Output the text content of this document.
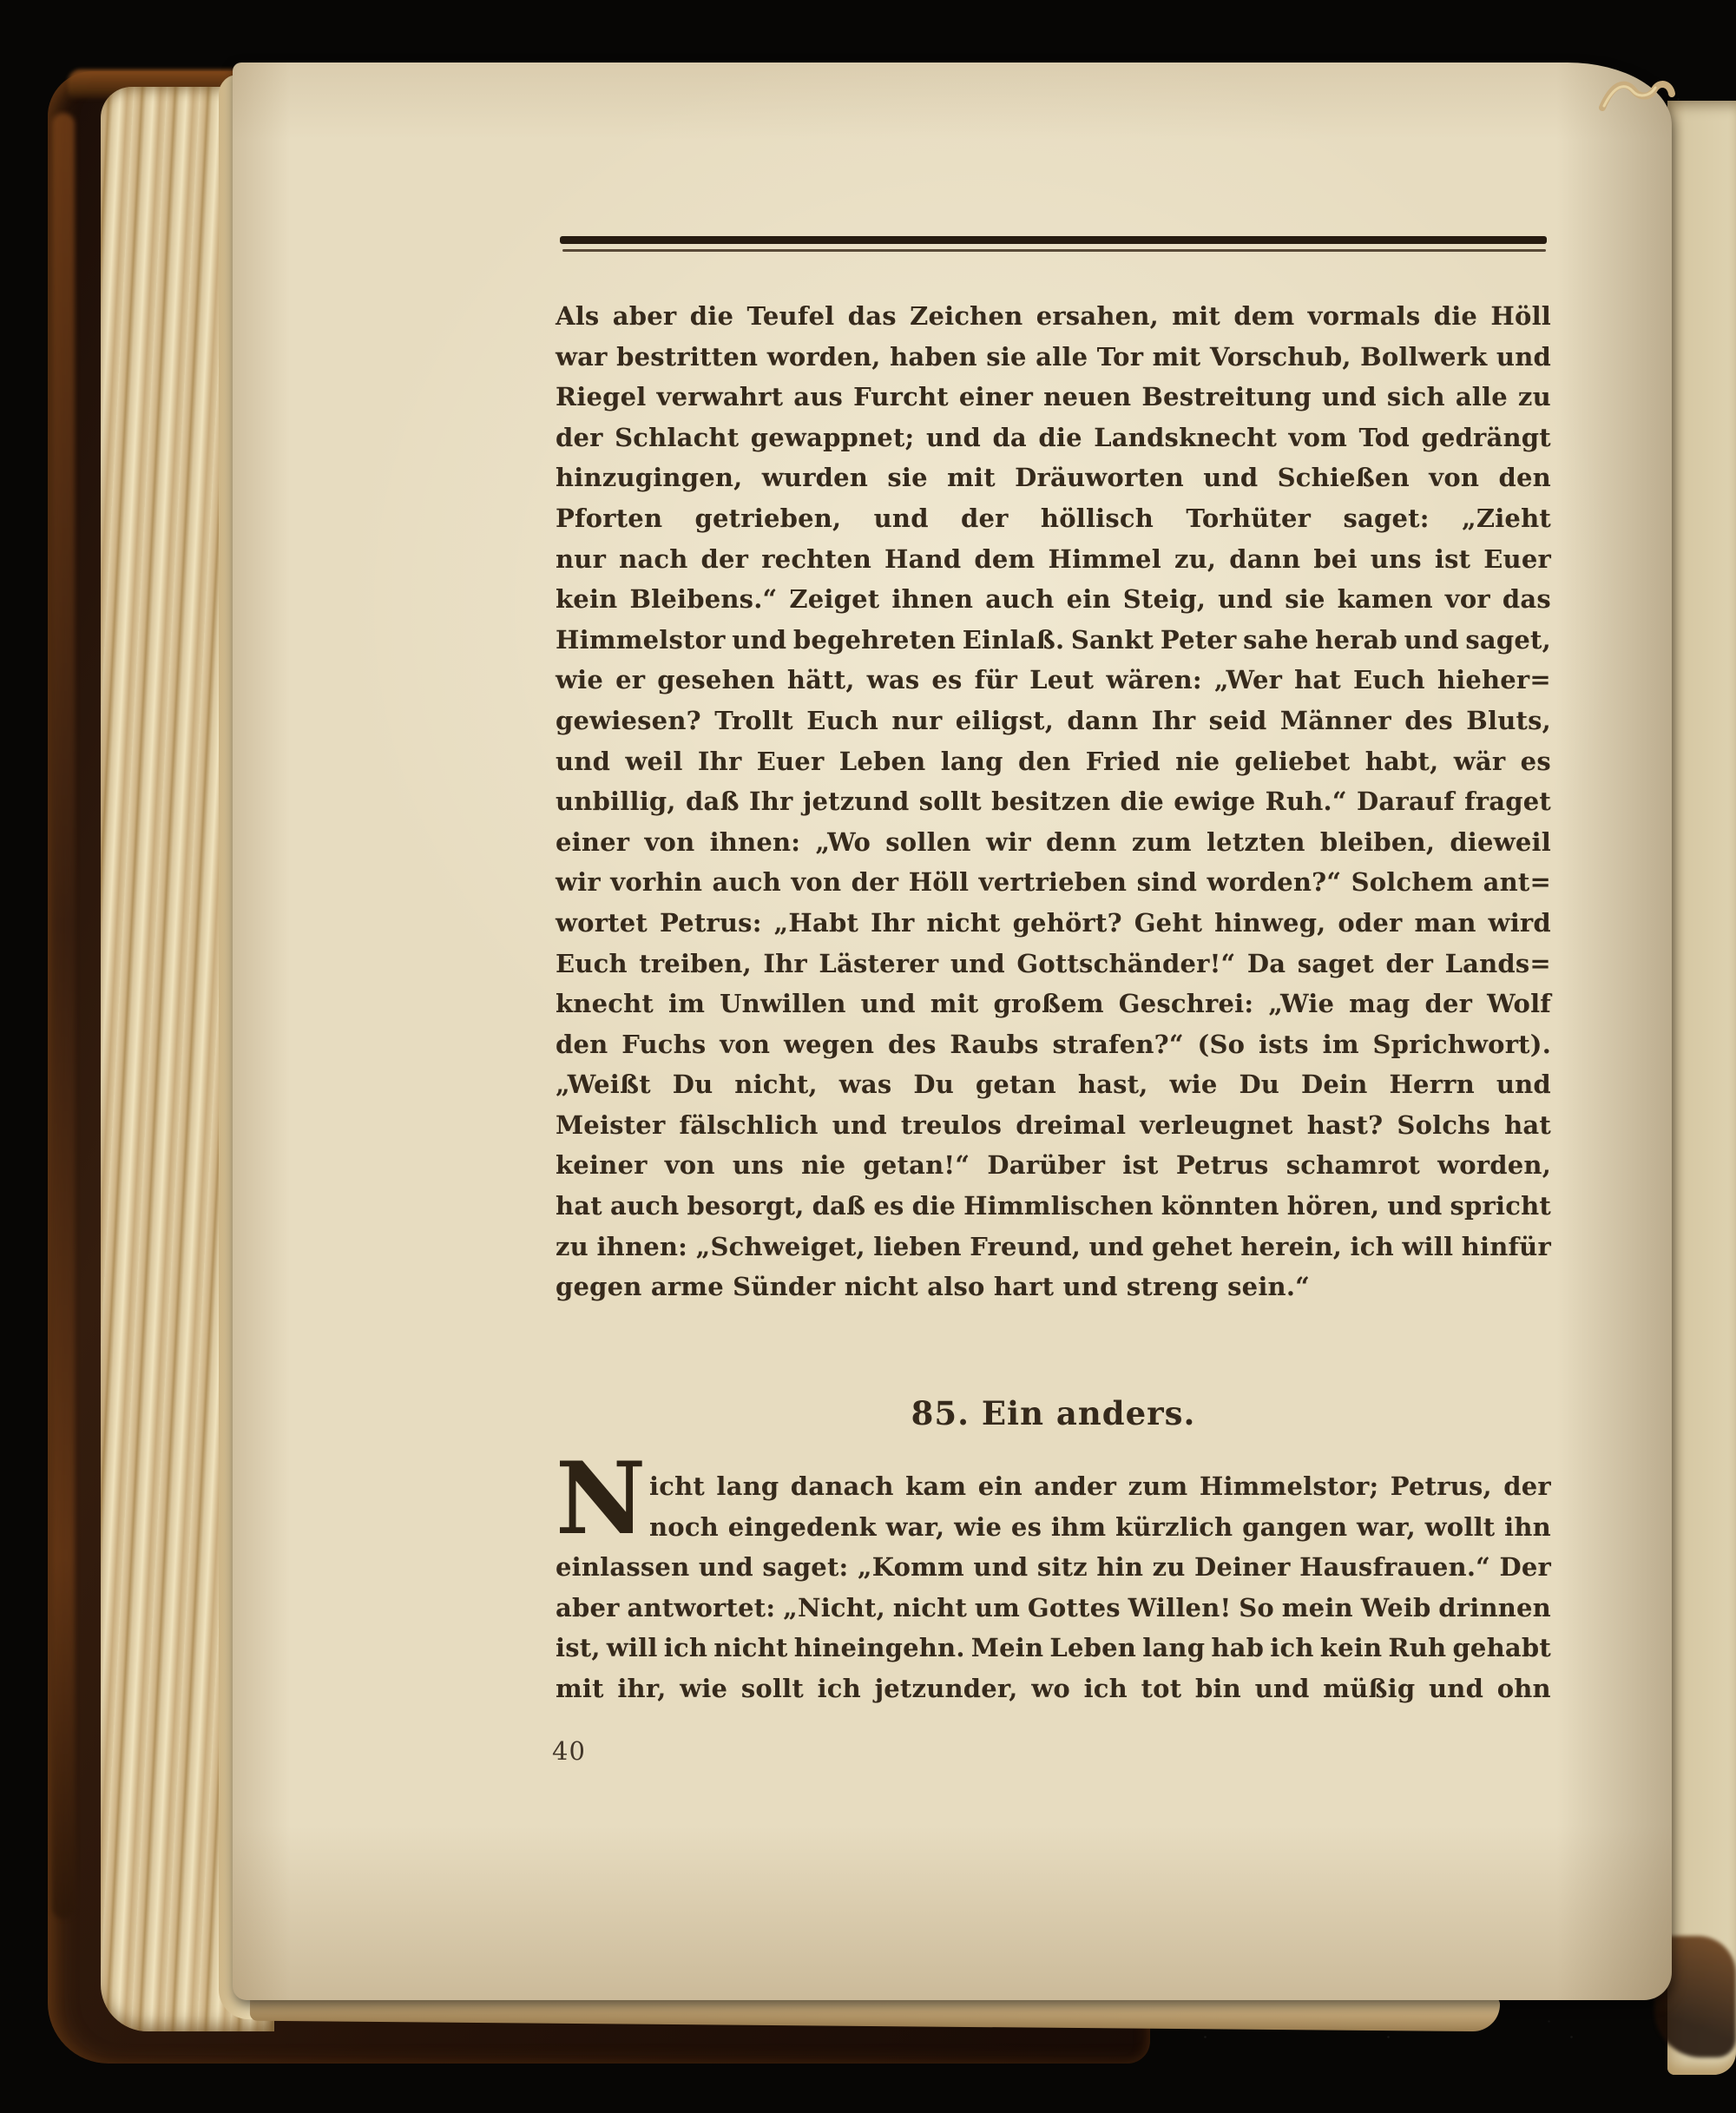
Als aber die Teufel das Zeichen ersahen, mit dem vormals die Höll
war bestritten worden, haben sie alle Tor mit Vorschub, Bollwerk und
Riegel verwahrt aus Furcht einer neuen Bestreitung und sich alle zu
der Schlacht gewappnet; und da die Landsknecht vom Tod gedrängt
hinzugingen, wurden sie mit Dräuworten und Schießen von den
Pforten getrieben, und der höllisch Torhüter saget: „Zieht
nur nach der rechten Hand dem Himmel zu, dann bei uns ist Euer
kein Bleibens.“ Zeiget ihnen auch ein Steig, und sie kamen vor das
Himmelstor und begehreten Einlaß. Sankt Peter sahe herab und saget,
wie er gesehen hätt, was es für Leut wären: „Wer hat Euch hieher=
gewiesen? Trollt Euch nur eiligst, dann Ihr seid Männer des Bluts,
und weil Ihr Euer Leben lang den Fried nie geliebet habt, wär es
unbillig, daß Ihr jetzund sollt besitzen die ewige Ruh.“ Darauf fraget
einer von ihnen: „Wo sollen wir denn zum letzten bleiben, dieweil
wir vorhin auch von der Höll vertrieben sind worden?“ Solchem ant=
wortet Petrus: „Habt Ihr nicht gehört? Geht hinweg, oder man wird
Euch treiben, Ihr Lästerer und Gottschänder!“ Da saget der Lands=
knecht im Unwillen und mit großem Geschrei: „Wie mag der Wolf
den Fuchs von wegen des Raubs strafen?“ (So ists im Sprichwort).
„Weißt Du nicht, was Du getan hast, wie Du Dein Herrn und
Meister fälschlich und treulos dreimal verleugnet hast? Solchs hat
keiner von uns nie getan!“ Darüber ist Petrus schamrot worden,
hat auch besorgt, daß es die Himmlischen könnten hören, und spricht
zu ihnen: „Schweiget, lieben Freund, und gehet herein, ich will hinfür
gegen arme Sünder nicht also hart und streng sein.“
85. Ein anders.
N icht lang danach kam ein ander zum Himmelstor; Petrus, der
noch eingedenk war, wie es ihm kürzlich gangen war, wollt ihn
einlassen und saget: „Komm und sitz hin zu Deiner Hausfrauen.“ Der
aber antwortet: „Nicht, nicht um Gottes Willen! So mein Weib drinnen
ist, will ich nicht hineingehn. Mein Leben lang hab ich kein Ruh gehabt
mit ihr, wie sollt ich jetzunder, wo ich tot bin und müßig und ohn
40
